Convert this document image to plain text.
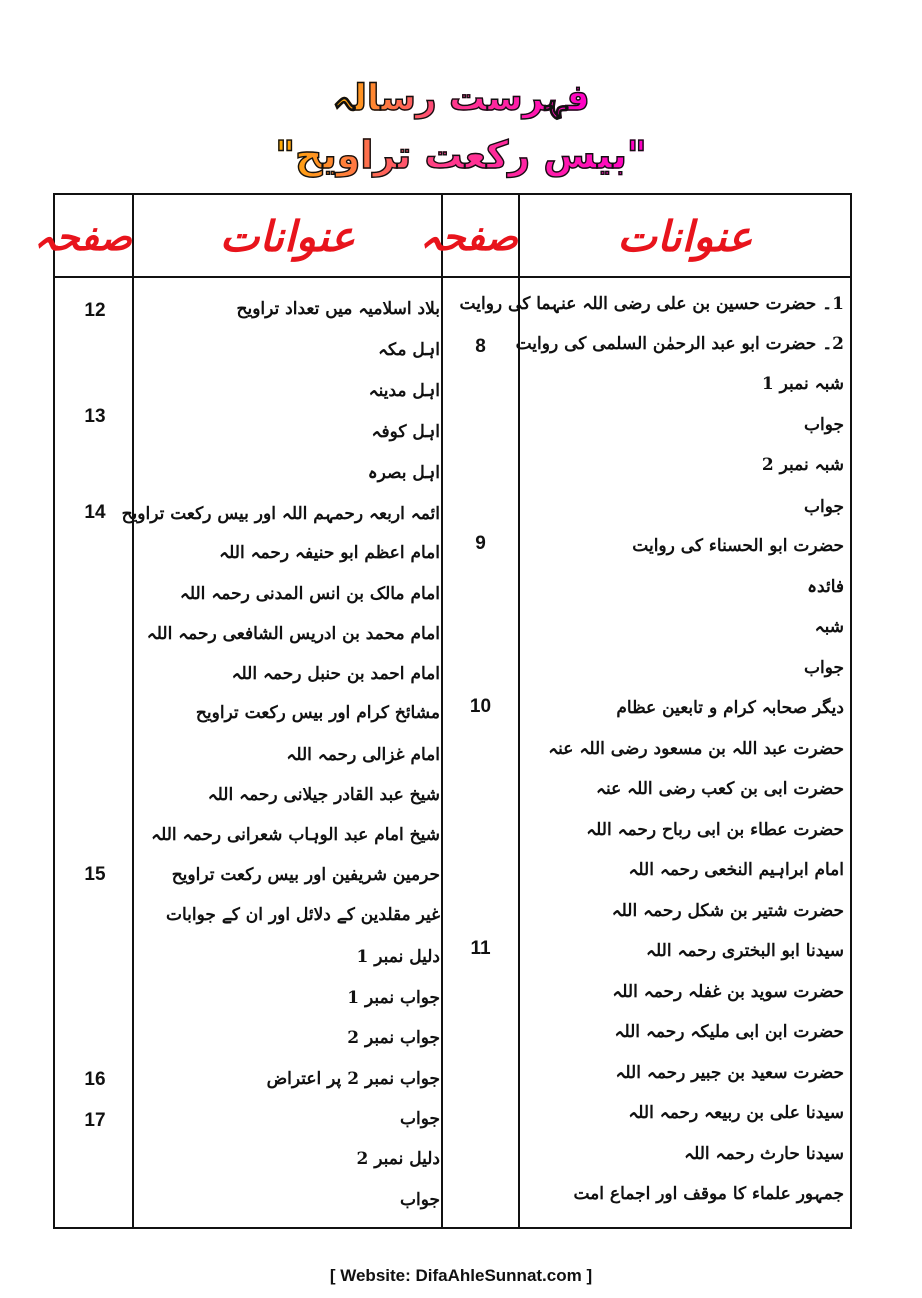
فہرست رسالہ
"بیس رکعت تراویح"
عنوانات
صفحہ
عنوانات
صفحہ
1۔ حضرت حسین بن علی رضی اللہ عنہما کی روایت
2۔ حضرت ابو عبد الرحمٰن السلمی کی روایت
شبہ نمبر 1
جواب
شبہ نمبر 2
جواب
حضرت ابو الحسناء کی روایت
فائدہ
شبہ
جواب
دیگر صحابہ کرام و تابعین عظام
حضرت عبد اللہ بن مسعود رضی اللہ عنہ
حضرت ابی بن کعب رضی اللہ عنہ
حضرت عطاء بن ابی رباح رحمہ اللہ
امام ابراہیم النخعی رحمہ اللہ
حضرت شتیر بن شکل رحمہ اللہ
سیدنا ابو البختری رحمہ اللہ
حضرت سوید بن غفلہ رحمہ اللہ
حضرت ابن ابی ملیکہ رحمہ اللہ
حضرت سعید بن جبیر رحمہ اللہ
سیدنا علی بن ربیعہ رحمہ اللہ
سیدنا حارث رحمہ اللہ
جمہور علماء کا موقف اور اجماع امت
8
9
10
11
بلاد اسلامیہ میں تعداد تراویح
اہل مکہ
اہل مدینہ
اہل کوفہ
اہل بصرہ
ائمہ اربعہ رحمہم اللہ اور بیس رکعت تراویح
امام اعظم ابو حنیفہ رحمہ اللہ
امام مالک بن انس المدنی رحمہ اللہ
امام محمد بن ادریس الشافعی رحمہ اللہ
امام احمد بن حنبل رحمہ اللہ
مشائخ کرام اور بیس رکعت تراویح
امام غزالی رحمہ اللہ
شیخ عبد القادر جیلانی رحمہ اللہ
شیخ امام عبد الوہاب شعرانی رحمہ اللہ
حرمین شریفین اور بیس رکعت تراویح
غیر مقلدین کے دلائل اور ان کے جوابات
دلیل نمبر 1
جواب نمبر 1
جواب نمبر 2
جواب نمبر 2 پر اعتراض
جواب
دلیل نمبر 2
جواب
12
13
14
15
16
17
[ Website: DifaAhleSunnat.com ]
